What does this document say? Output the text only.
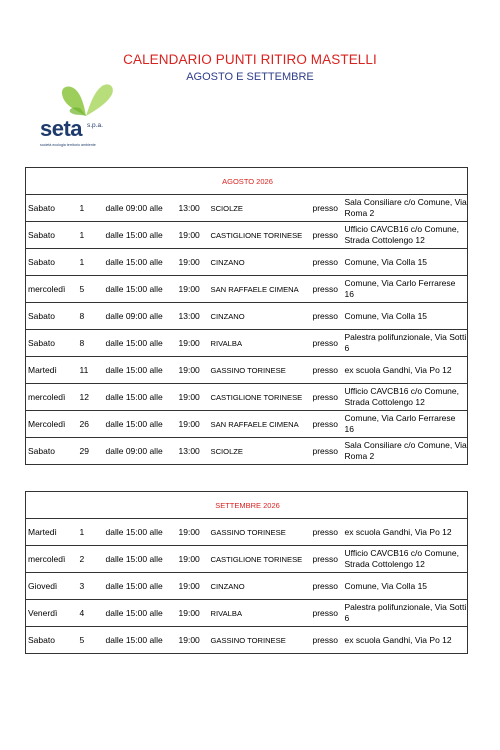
CALENDARIO PUNTI RITIRO MASTELLI
AGOSTO E SETTEMBRE
seta s.p.a.
società ecologia territorio ambiente
AGOSTO 2026						
Sabato	1	dalle 09:00 alle	13:00	SCIOLZE	presso	Sala Consiliare c/o Comune, Via Roma 2
Sabato	1	dalle 15:00 alle	19:00	CASTIGLIONE TORINESE	presso	Ufficio CAVCB16 c/o Comune, Strada Cottolengo 12
Sabato	1	dalle 15:00 alle	19:00	CINZANO	presso	Comune, Via Colla 15
mercoledì	5	dalle 15:00 alle	19:00	SAN RAFFAELE CIMENA	presso	Comune, Via Carlo Ferrarese 16
Sabato	8	dalle 09:00 alle	13:00	CINZANO	presso	Comune, Via Colla 15
Sabato	8	dalle 15:00 alle	19:00	RIVALBA	presso	Palestra polifunzionale, Via Sotti 6
Martedì	11	dalle 15:00 alle	19:00	GASSINO TORINESE	presso	ex scuola Gandhi, Via Po 12
mercoledì	12	dalle 15:00 alle	19:00	CASTIGLIONE TORINESE	presso	Ufficio CAVCB16 c/o Comune, Strada Cottolengo 12
Mercoledì	26	dalle 15:00 alle	19:00	SAN RAFFAELE CIMENA	presso	Comune, Via Carlo Ferrarese 16
Sabato	29	dalle 09:00 alle	13:00	SCIOLZE	presso	Sala Consiliare c/o Comune, Via Roma 2
SETTEMBRE 2026						
Martedì	1	dalle 15:00 alle	19:00	GASSINO TORINESE	presso	ex scuola Gandhi, Via Po 12
mercoledì	2	dalle 15:00 alle	19:00	CASTIGLIONE TORINESE	presso	Ufficio CAVCB16 c/o Comune, Strada Cottolengo 12
Giovedì	3	dalle 15:00 alle	19:00	CINZANO	presso	Comune, Via Colla 15
Venerdì	4	dalle 15:00 alle	19:00	RIVALBA	presso	Palestra polifunzionale, Via Sotti 6
Sabato	5	dalle 15:00 alle	19:00	GASSINO TORINESE	presso	ex scuola Gandhi, Via Po 12
